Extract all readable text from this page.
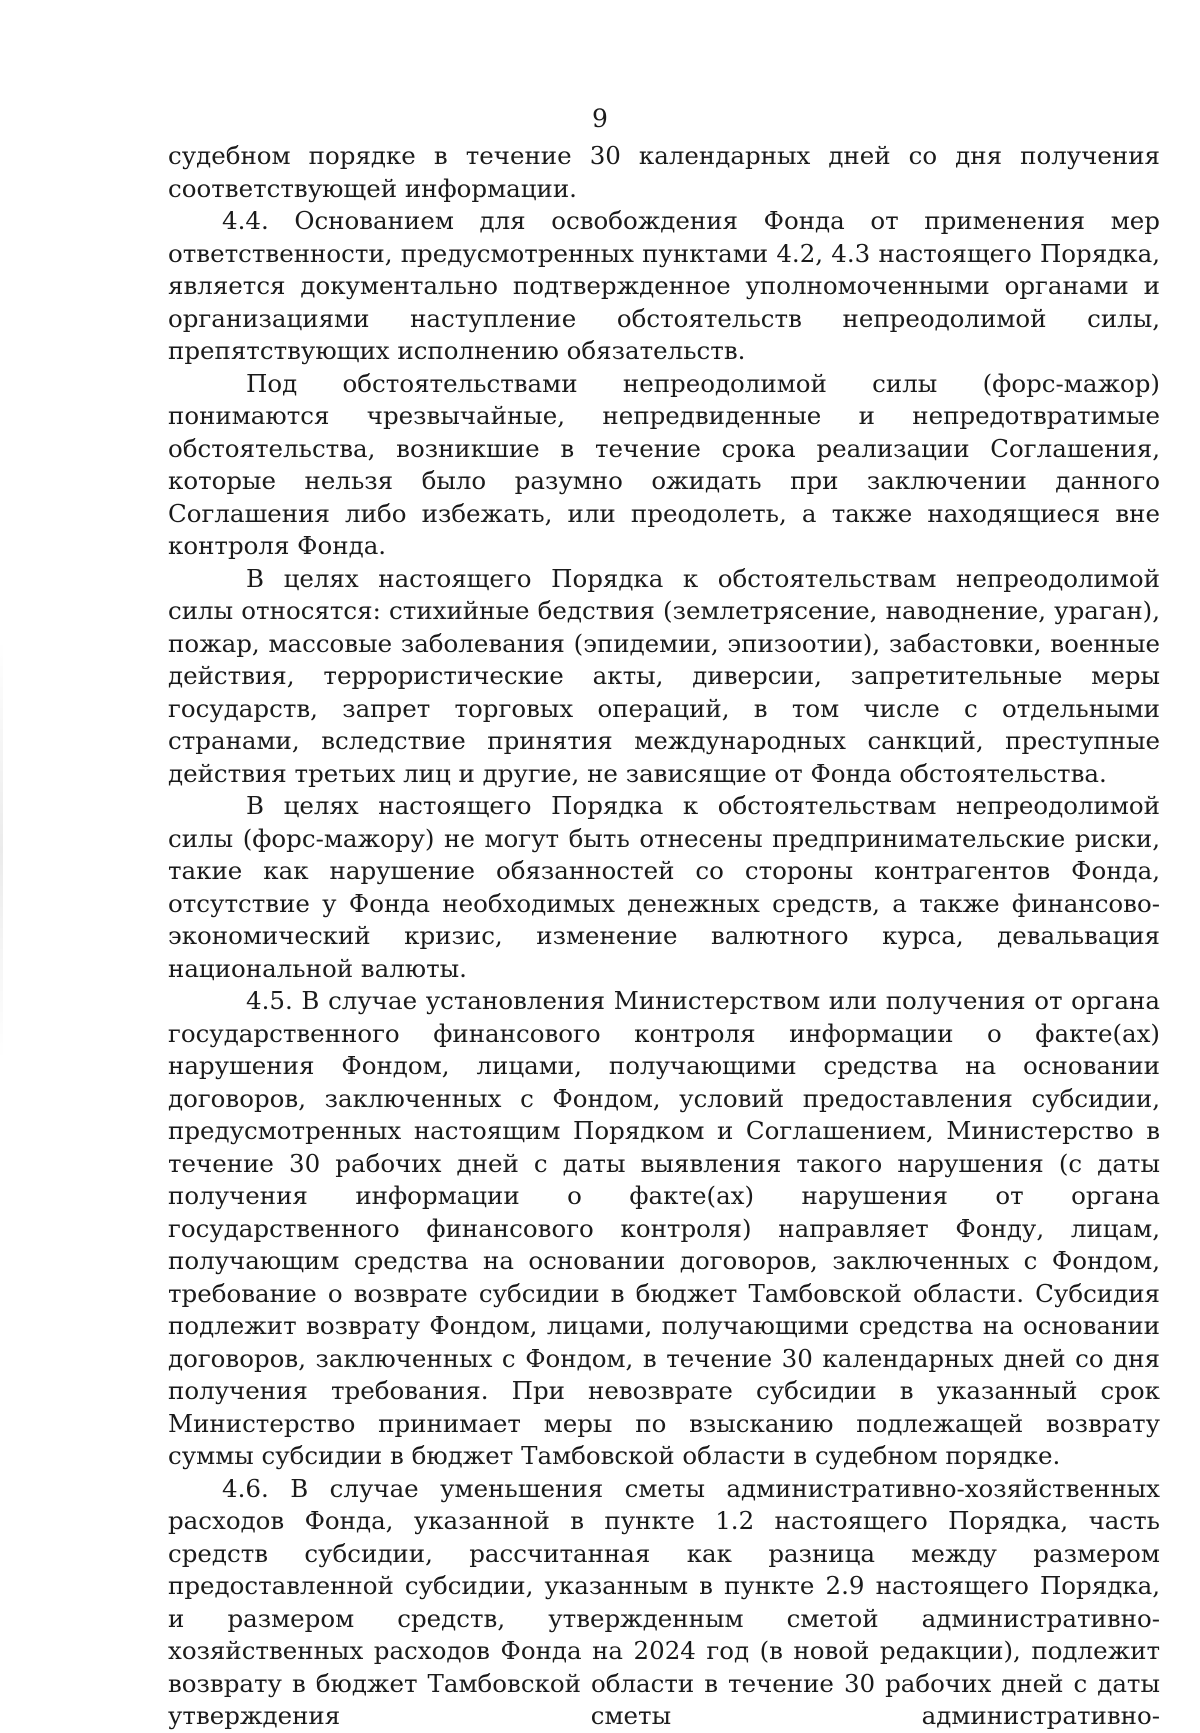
9

судебном порядке в течение 30 календарных дней со дня получения соответствующей информации.

4.4. Основанием для освобождения Фонда от применения мер ответственности, предусмотренных пунктами 4.2, 4.3 настоящего Порядка, является документально подтвержденное уполномоченными органами и организациями наступление обстоятельств непреодолимой силы, препятствующих исполнению обязательств.

Под обстоятельствами непреодолимой силы (форс-мажор) понимаются чрезвычайные, непредвиденные и непредотвратимые обстоятельства, возникшие в течение срока реализации Соглашения, которые нельзя было разумно ожидать при заключении данного Соглашения либо избежать, или преодолеть, а также находящиеся вне контроля Фонда.

В целях настоящего Порядка к обстоятельствам непреодолимой силы относятся: стихийные бедствия (землетрясение, наводнение, ураган), пожар, массовые заболевания (эпидемии, эпизоотии), забастовки, военные действия, террористические акты, диверсии, запретительные меры государств, запрет торговых операций, в том числе с отдельными странами, вследствие принятия международных санкций, преступные действия третьих лиц и другие, не зависящие от Фонда обстоятельства.

В целях настоящего Порядка к обстоятельствам непреодолимой силы (форс-мажору) не могут быть отнесены предпринимательские риски, такие как нарушение обязанностей со стороны контрагентов Фонда, отсутствие у Фонда необходимых денежных средств, а также финансово-экономический кризис, изменение валютного курса, девальвация национальной валюты.

4.5. В случае установления Министерством или получения от органа государственного финансового контроля информации о факте(ах) нарушения Фондом, лицами, получающими средства на основании договоров, заключенных с Фондом, условий предоставления субсидии, предусмотренных настоящим Порядком и Соглашением, Министерство в течение 30 рабочих дней с даты выявления такого нарушения (с даты получения информации о факте(ах) нарушения от органа государственного финансового контроля) направляет Фонду, лицам, получающим средства на основании договоров, заключенных с Фондом, требование о возврате субсидии в бюджет Тамбовской области. Субсидия подлежит возврату Фондом, лицами, получающими средства на основании договоров, заключенных с Фондом, в течение 30 календарных дней со дня получения требования. При невозврате субсидии в указанный срок Министерство принимает меры по взысканию подлежащей возврату суммы субсидии в бюджет Тамбовской области в судебном порядке.

4.6. В случае уменьшения сметы административно-хозяйственных расходов Фонда, указанной в пункте 1.2 настоящего Порядка, часть средств субсидии, рассчитанная как разница между размером предоставленной субсидии, указанным в пункте 2.9 настоящего Порядка, и размером средств, утвержденным сметой административно-хозяйственных расходов Фонда на 2024 год (в новой редакции), подлежит возврату в бюджет Тамбовской области в течение 30 рабочих дней с даты утверждения сметы административно-
